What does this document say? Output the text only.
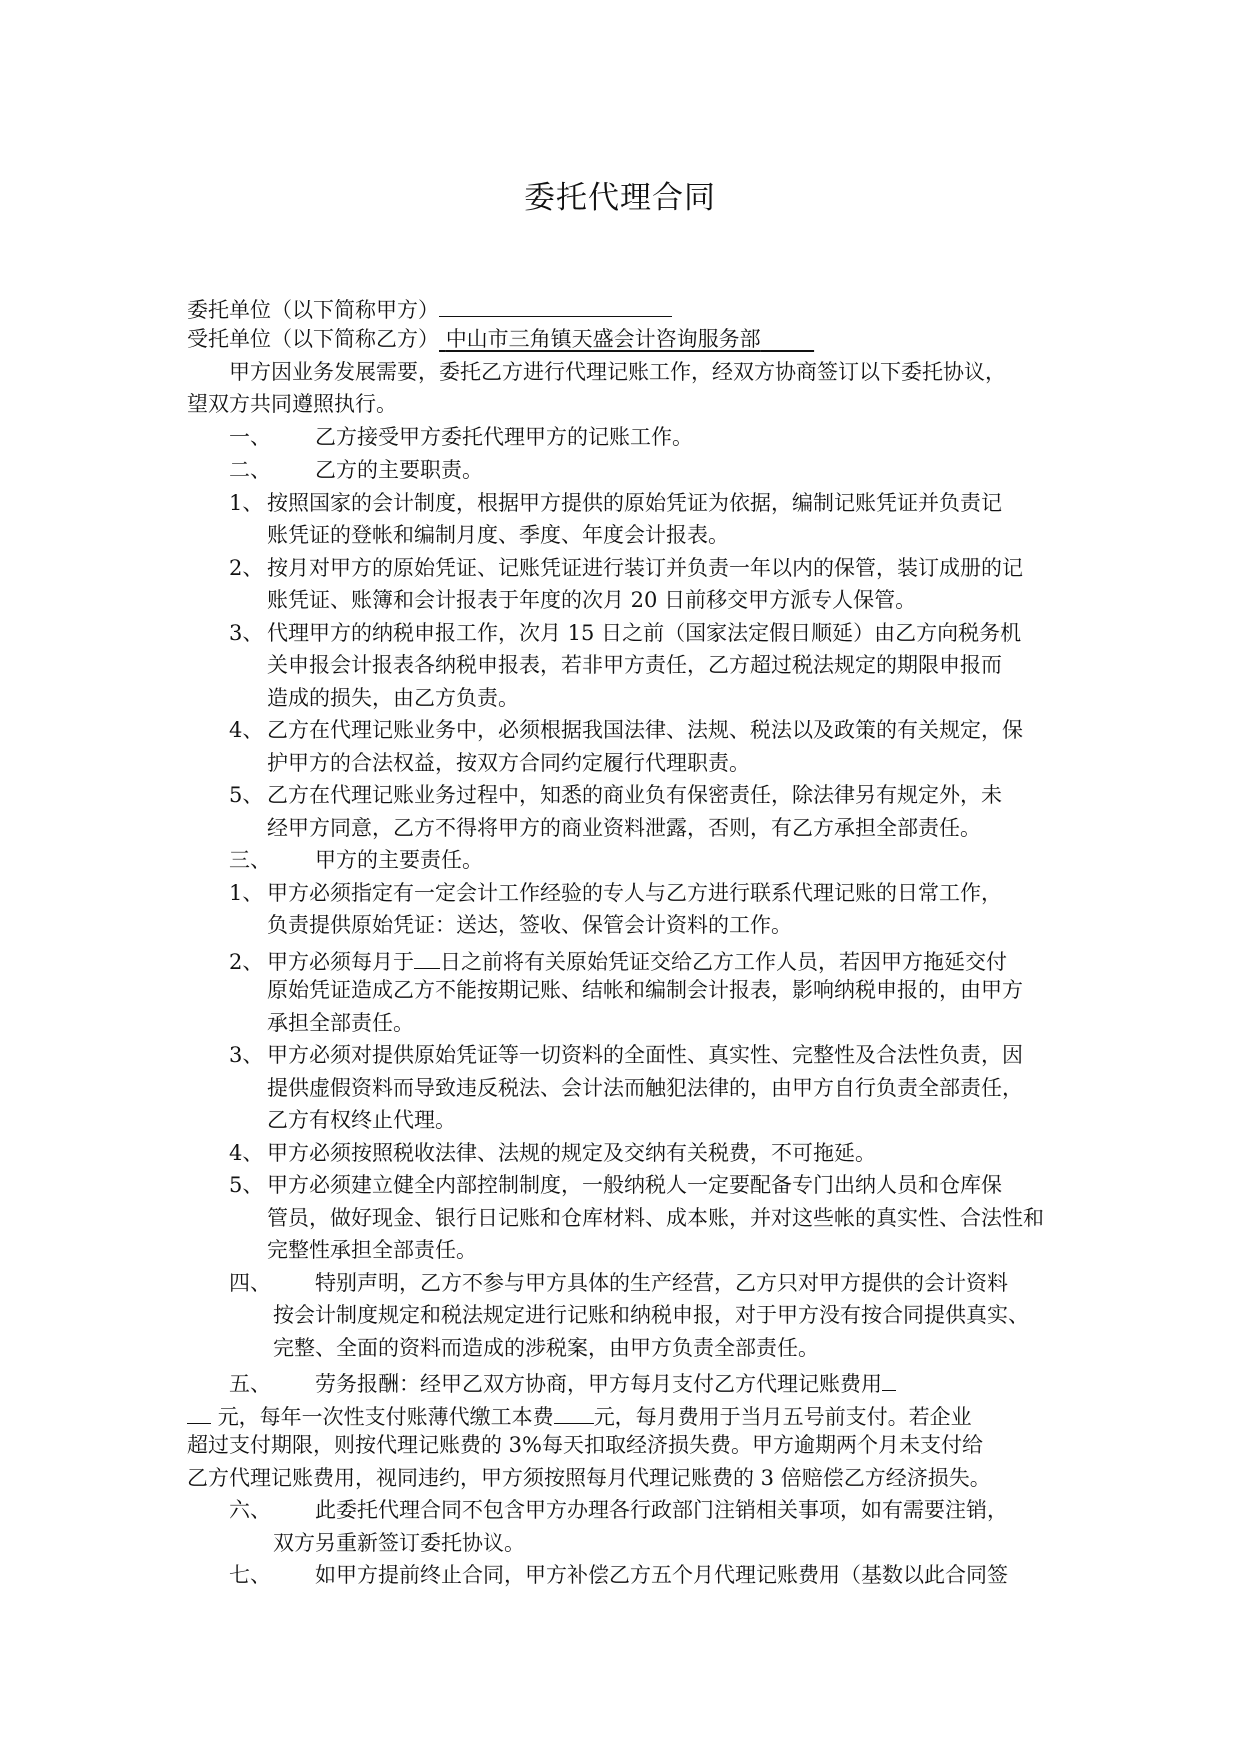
委托代理合同
委托单位（以下简称甲方）
受托单位（以下简称乙方） 中山市三角镇天盛会计咨询服务部
甲方因业务发展需要，委托乙方进行代理记账工作，经双方协商签订以下委托协议，
望双方共同遵照执行。
一、 乙方接受甲方委托代理甲方的记账工作。
二、 乙方的主要职责。
1、 按照国家的会计制度，根据甲方提供的原始凭证为依据，编制记账凭证并负责记
账凭证的登帐和编制月度、季度、年度会计报表。
2、 按月对甲方的原始凭证、记账凭证进行装订并负责一年以内的保管，装订成册的记
账凭证、账簿和会计报表于年度的次月 20 日前移交甲方派专人保管。
3、 代理甲方的纳税申报工作，次月 15 日之前（国家法定假日顺延）由乙方向税务机
关申报会计报表各纳税申报表，若非甲方责任，乙方超过税法规定的期限申报而
造成的损失，由乙方负责。
4、 乙方在代理记账业务中，必须根据我国法律、法规、税法以及政策的有关规定，保
护甲方的合法权益，按双方合同约定履行代理职责。
5、 乙方在代理记账业务过程中，知悉的商业负有保密责任，除法律另有规定外，未
经甲方同意，乙方不得将甲方的商业资料泄露，否则，有乙方承担全部责任。
三、 甲方的主要责任。
1、 甲方必须指定有一定会计工作经验的专人与乙方进行联系代理记账的日常工作，
负责提供原始凭证：送达，签收、保管会计资料的工作。
2、 甲方必须每月于 日之前将有关原始凭证交给乙方工作人员，若因甲方拖延交付
原始凭证造成乙方不能按期记账、结帐和编制会计报表，影响纳税申报的，由甲方
承担全部责任。
3、 甲方必须对提供原始凭证等一切资料的全面性、真实性、完整性及合法性负责，因
提供虚假资料而导致违反税法、会计法而触犯法律的，由甲方自行负责全部责任，
乙方有权终止代理。
4、 甲方必须按照税收法律、法规的规定及交纳有关税费，不可拖延。
5、 甲方必须建立健全内部控制制度，一般纳税人一定要配备专门出纳人员和仓库保
管员，做好现金、银行日记账和仓库材料、成本账，并对这些帐的真实性、合法性和
完整性承担全部责任。
四、 特别声明，乙方不参与甲方具体的生产经营，乙方只对甲方提供的会计资料
按会计制度规定和税法规定进行记账和纳税申报，对于甲方没有按合同提供真实、
完整、全面的资料而造成的涉税案，由甲方负责全部责任。
五、 劳务报酬：经甲乙双方协商，甲方每月支付乙方代理记账费用
元，每年一次性支付账薄代缴工本费 元，每月费用于当月五号前支付。若企业
超过支付期限，则按代理记账费的 3%每天扣取经济损失费。甲方逾期两个月未支付给
乙方代理记账费用，视同违约，甲方须按照每月代理记账费的 3 倍赔偿乙方经济损失。
六、 此委托代理合同不包含甲方办理各行政部门注销相关事项，如有需要注销，
双方另重新签订委托协议。
七、 如甲方提前终止合同，甲方补偿乙方五个月代理记账费用（基数以此合同签
